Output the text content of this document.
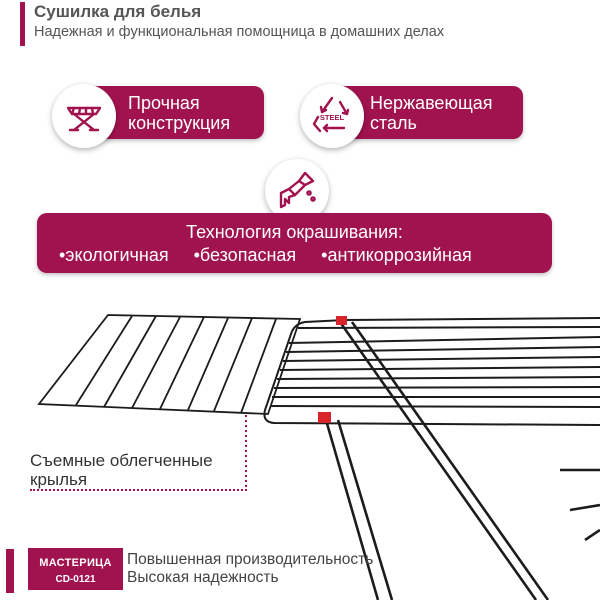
Сушилка для белья
Надежная и функциональная помощница в домашних делах
Прочная
конструкция
Нержавеющая
сталь
STEEL
Технология окрашивания:
•экологичная •безопасная •антикоррозийная
Съемные облегченные
крылья
МАСТЕРИЦА
CD-0121
Повышенная производительность
Высокая надежность
